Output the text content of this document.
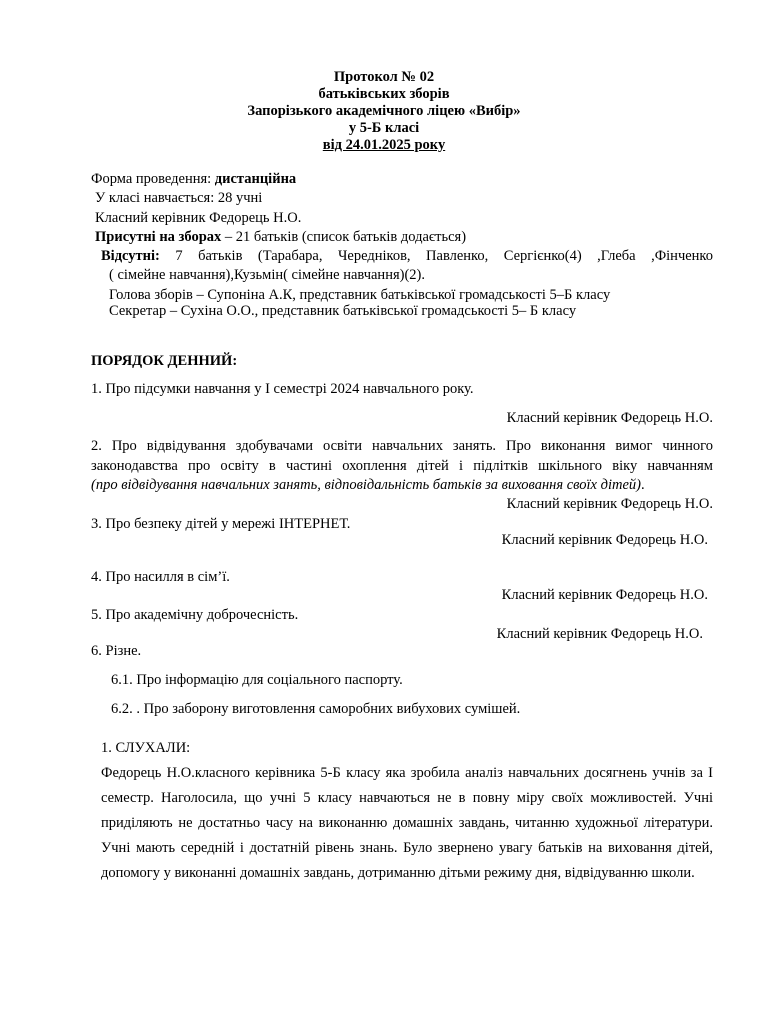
Протокол № 02
батьківських зборів
Запорізького академічного ліцею «Вибір»
у 5-Б класі
від 24.01.2025 року
Форма проведення: дистанційна
У класі навчається: 28 учні
Класний керівник Федорець Н.О.
Присутні на зборах – 21 батьків (список батьків додається)
Відсутні: 7 батьків (Тарабара, Чередніков, Павленко, Сергієнко(4) ,Глеба ,Фінченко
( сімейне навчання),Кузьмін( сімейне навчання)(2).
Голова зборів – Супоніна А.К, представник батьківської громадськості 5–Б класу
Секретар – Сухіна О.О., представник батьківської громадськості 5– Б класу
ПОРЯДОК ДЕННИЙ:
1. Про підсумки навчання у І семестрі 2024 навчального року.
Класний керівник Федорець Н.О.
2. Про відвідування здобувачами освіти навчальних занять. Про виконання вимог чинного
законодавства про освіту в частині охоплення дітей і підлітків шкільного віку навчанням
(про відвідування навчальних занять, відповідальність батьків за виховання своїх дітей).
Класний керівник Федорець Н.О.
3. Про безпеку дітей у мережі ІНТЕРНЕТ.
Класний керівник Федорець Н.О.
4. Про насилля в сім’ї.
Класний керівник Федорець Н.О.
5. Про академічну доброчесність.
Класний керівник Федорець Н.О.
6. Різне.
6.1. Про інформацію для соціального паспорту.
6.2. . Про заборону виготовлення саморобних вибухових сумішей.
1. СЛУХАЛИ:
Федорець Н.О.класного керівника 5-Б класу яка зробила аналіз навчальних досягнень учнів за І семестр. Наголосила, що учні 5 класу навчаються не в повну міру своїх можливостей. Учні приділяють не достатньо часу на виконанню домашніх завдань, читанню художньої літератури. Учні мають середній і достатній рівень знань. Було звернено увагу батьків на виховання дітей, допомогу у виконанні домашніх завдань, дотриманню дітьми режиму дня, відвідуванню школи.
